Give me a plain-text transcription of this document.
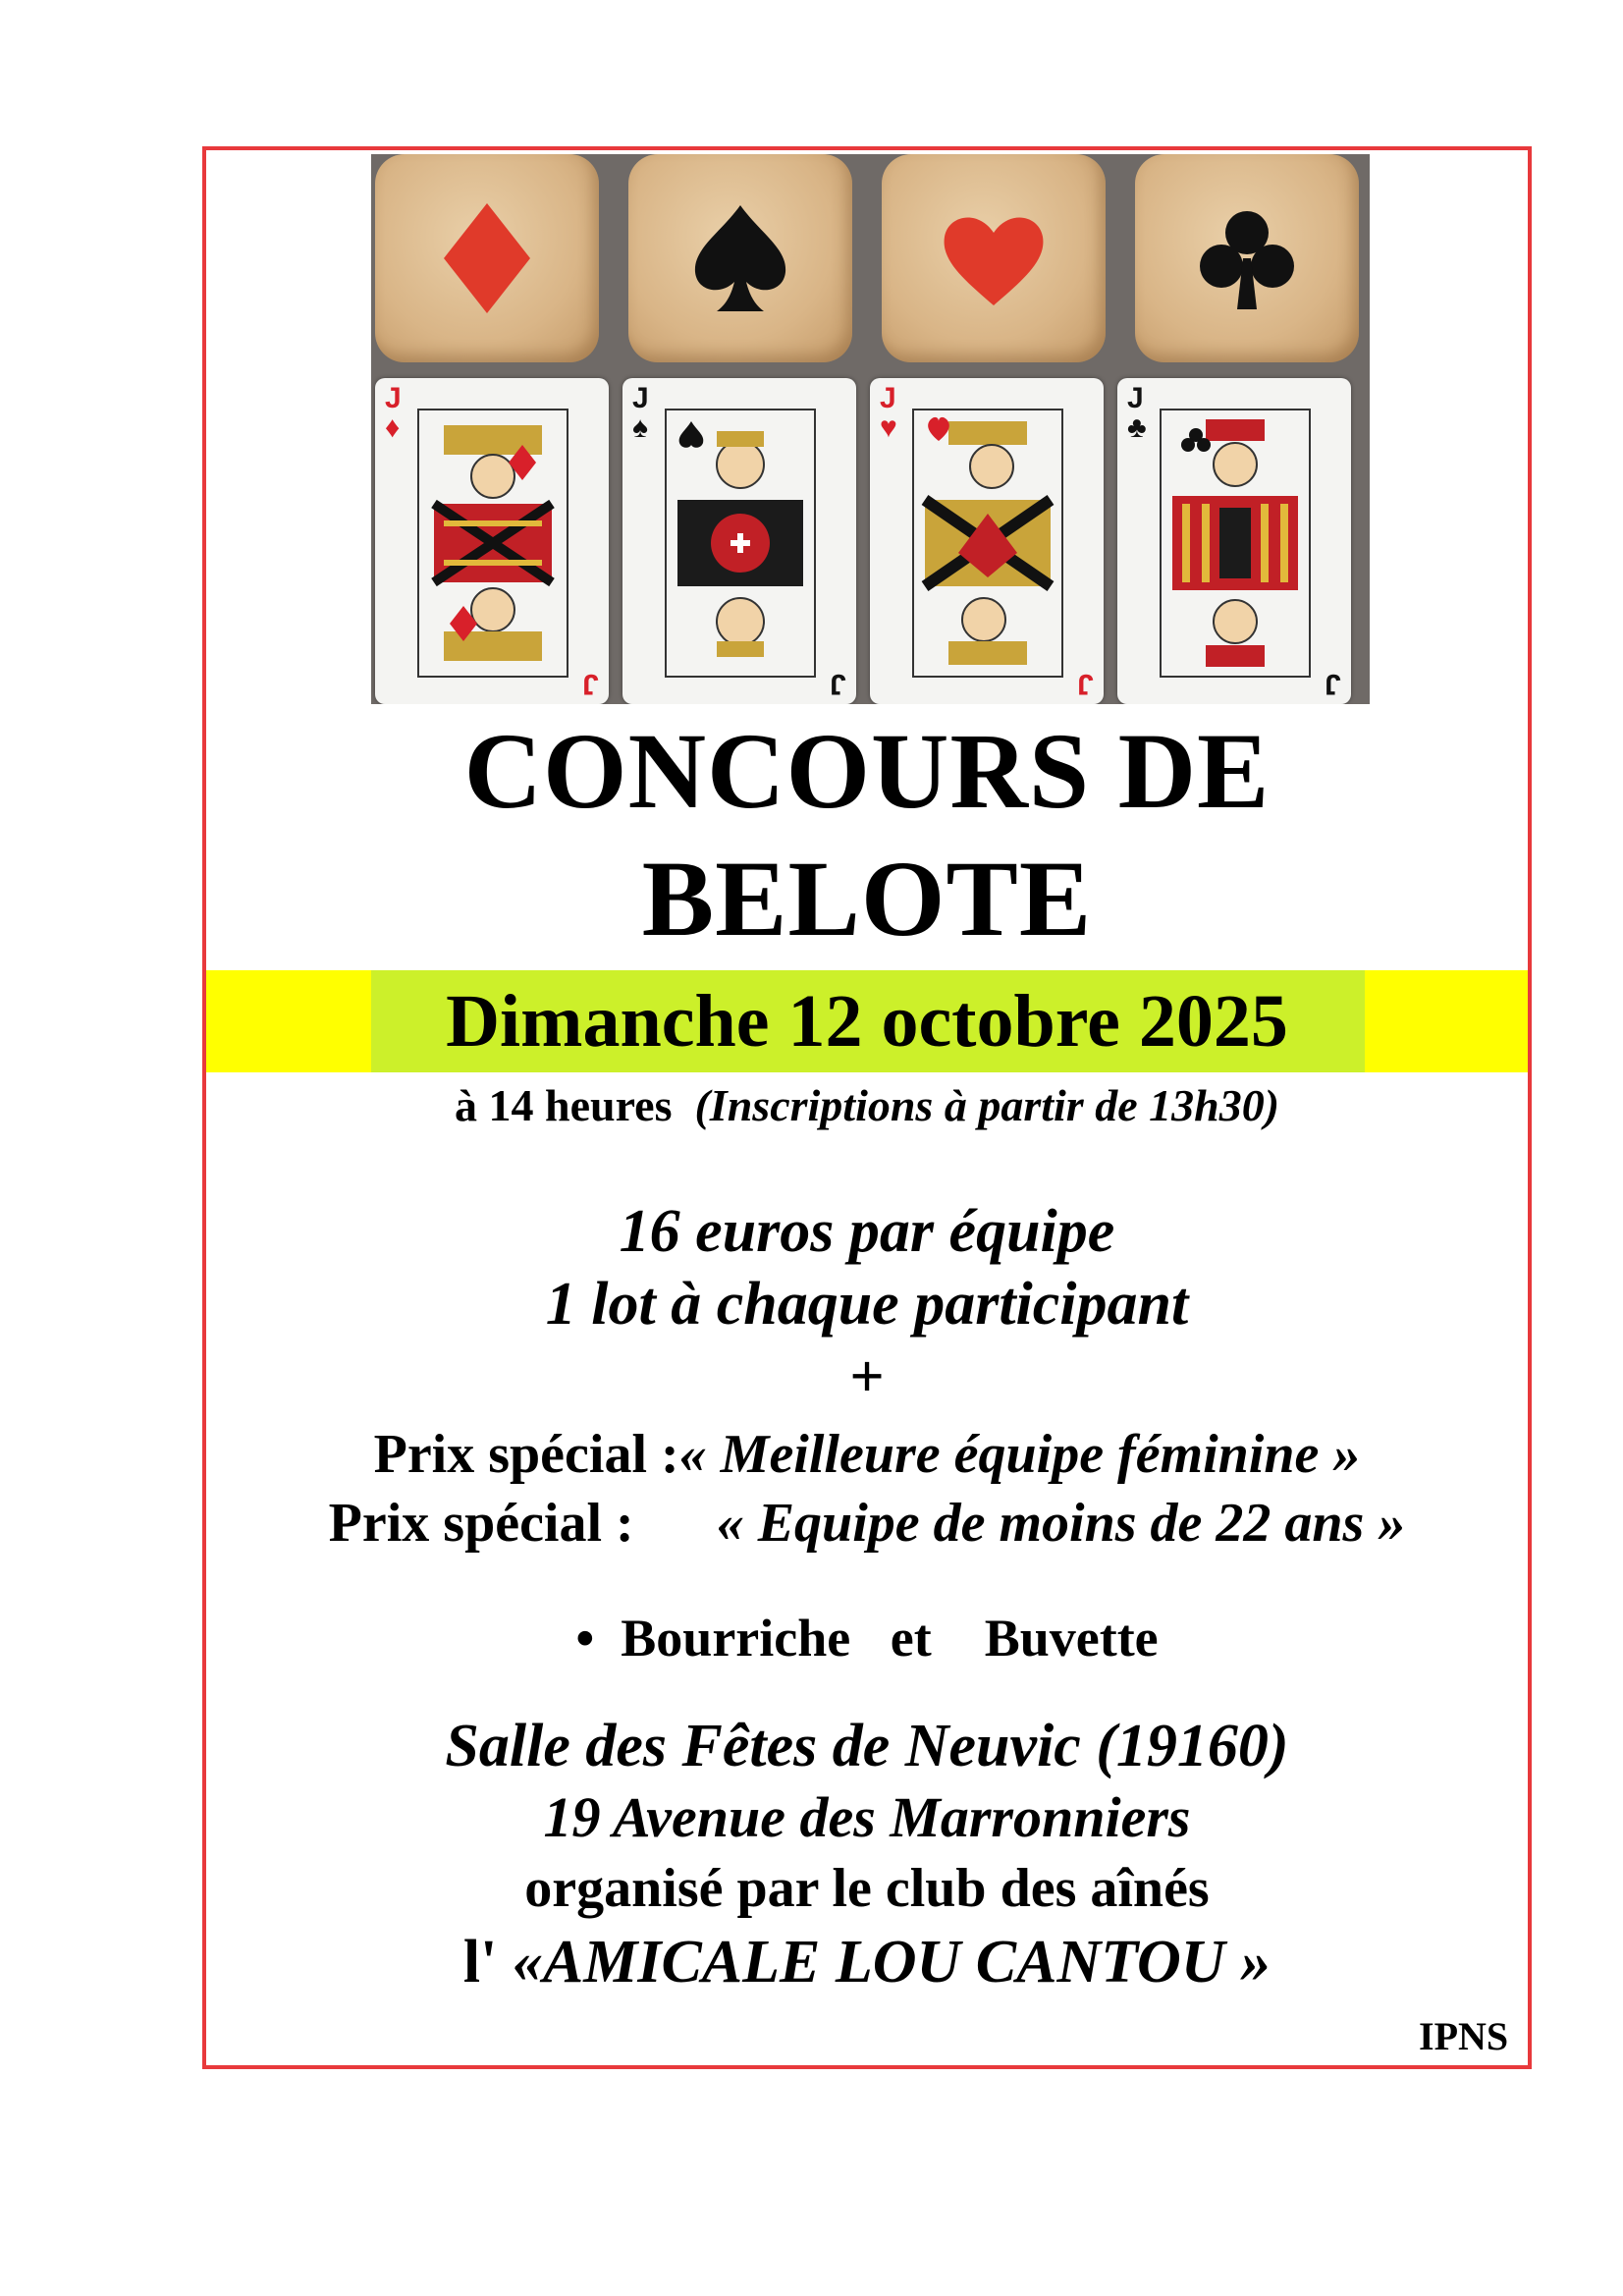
J
♦
J
J
♠
J
J
♥
J
J
♣
J
CONCOURS DE
BELOTE
Dimanche 12 octobre 2025
à 14 heures (Inscriptions à partir de 13h30)
16 euros par équipe
1 lot à chaque participant
+
Prix spécial :« Meilleure équipe féminine »
Prix spécial : « Equipe de moins de 22 ans »
• Bourriche et Buvette
Salle des Fêtes de Neuvic (19160)
19 Avenue des Marronniers
organisé par le club des aînés
l' «AMICALE LOU CANTOU »
IPNS
